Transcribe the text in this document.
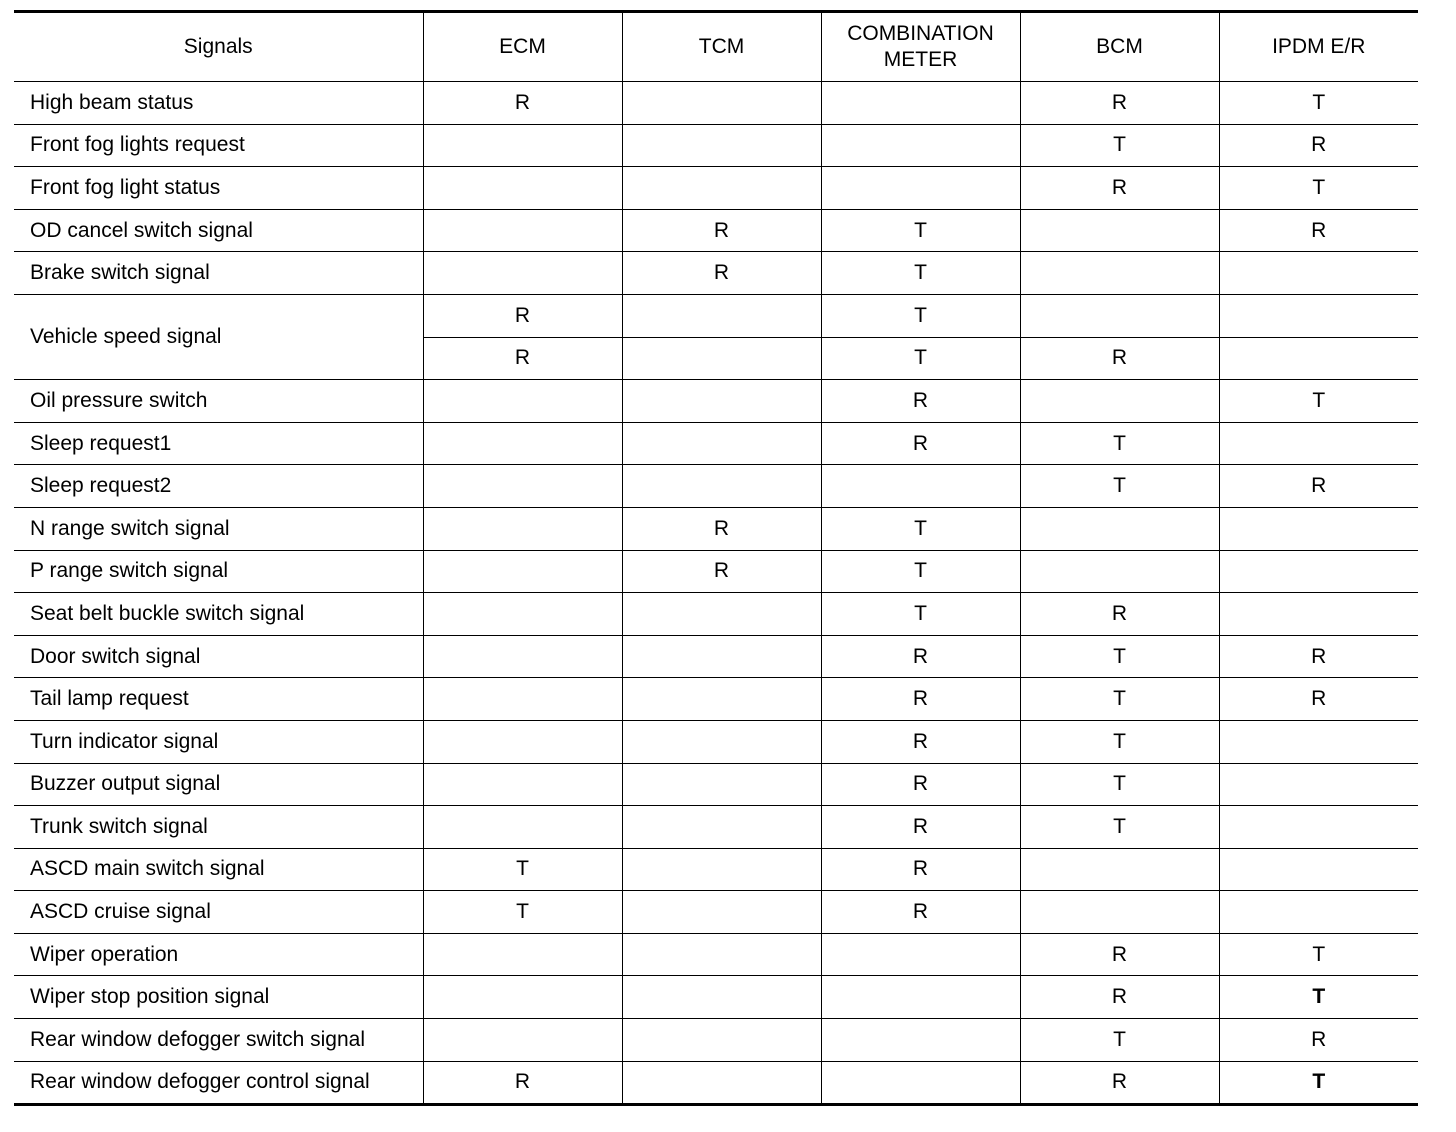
Signals	ECM	TCM	COMBINATION
METER	BCM	IPDM E/R
High beam status	R			R	T
Front fog lights request				T	R
Front fog light status				R	T
OD cancel switch signal		R	T		R
Brake switch signal		R	T		
Vehicle speed signal	R		T		
	R		T	R	
Oil pressure switch			R		T
Sleep request1			R	T	
Sleep request2				T	R
N range switch signal		R	T		
P range switch signal		R	T		
Seat belt buckle switch signal			T	R	
Door switch signal			R	T	R
Tail lamp request			R	T	R
Turn indicator signal			R	T	
Buzzer output signal			R	T	
Trunk switch signal			R	T	
ASCD main switch signal	T		R		
ASCD cruise signal	T		R		
Wiper operation				R	T
Wiper stop position signal				R	T
Rear window defogger switch signal				T	R
Rear window defogger control signal	R			R	T
